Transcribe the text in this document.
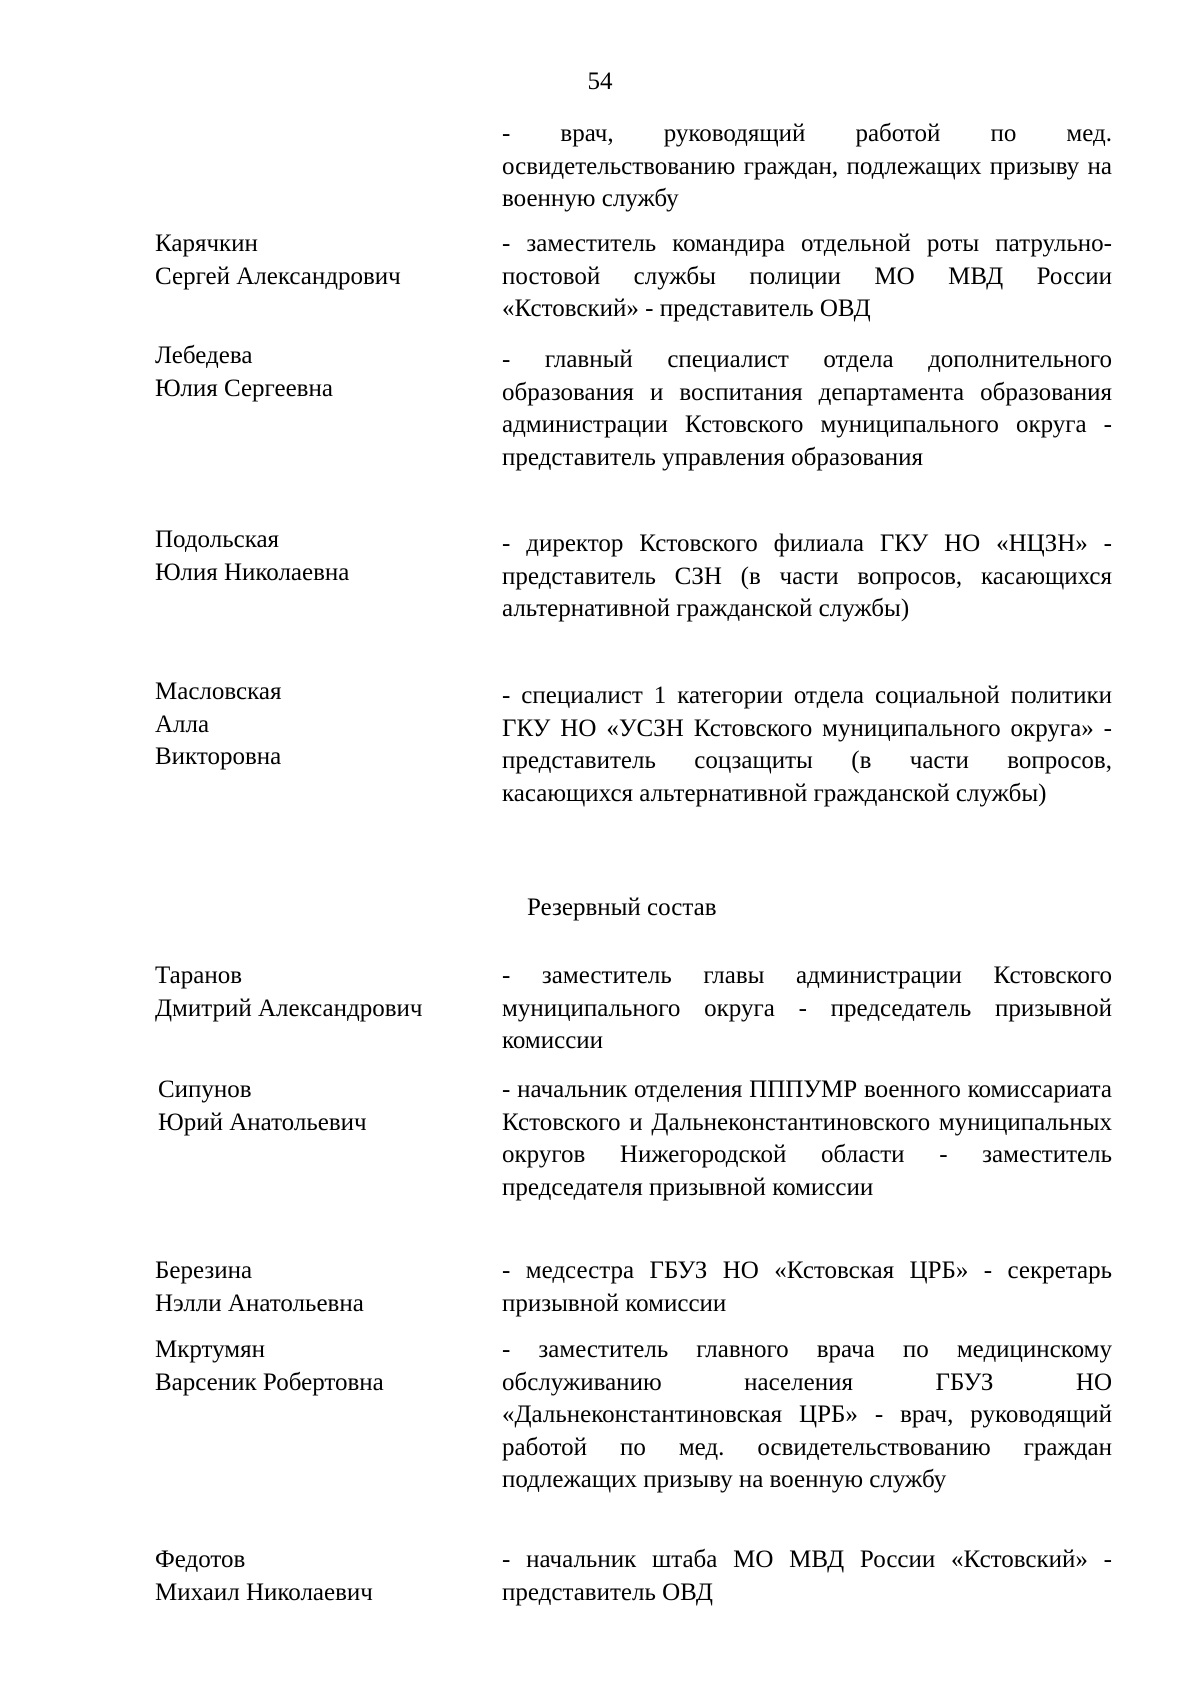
54

- врач, руководящий работой по мед. освидетельствованию граждан, подлежащих призыву на военную службу

Карячкин
Сергей Александрович

- заместитель командира отдельной роты патрульно-постовой службы полиции МО МВД России «Кстовский» - представитель ОВД

Лебедева
Юлия Сергеевна

- главный специалист отдела дополнительного образования и воспитания департамента образования администрации Кстовского муниципального округа - представитель управления образования

Подольская
Юлия Николаевна

- директор Кстовского филиала ГКУ НО «НЦЗН» - представитель СЗН (в части вопросов, касающихся альтернативной гражданской службы)

Масловская
Алла
Викторовна

- специалист 1 категории отдела социальной политики ГКУ НО «УСЗН Кстовского муниципального округа» - представитель соцзащиты (в части вопросов, касающихся альтернативной гражданской службы)

Резервный состав
Таранов
Дмитрий Александрович

- заместитель главы администрации Кстовского муниципального округа - председатель призывной комиссии

Сипунов
Юрий Анатольевич

- начальник отделения ПППУМР военного комиссариата Кстовского и Дальнеконстантиновского муниципальных округов Нижегородской области - заместитель председателя призывной комиссии

Березина
Нэлли Анатольевна

- медсестра ГБУЗ НО «Кстовская ЦРБ» - секретарь призывной комиссии

Мкртумян
Варсеник Робертовна

- заместитель главного врача по медицинскому обслуживанию населения ГБУЗ НО «Дальнеконстантиновская ЦРБ» - врач, руководящий работой по мед. освидетельствованию граждан подлежащих призыву на военную службу

Федотов
Михаил Николаевич

- начальник штаба МО МВД России «Кстовский» - представитель ОВД
